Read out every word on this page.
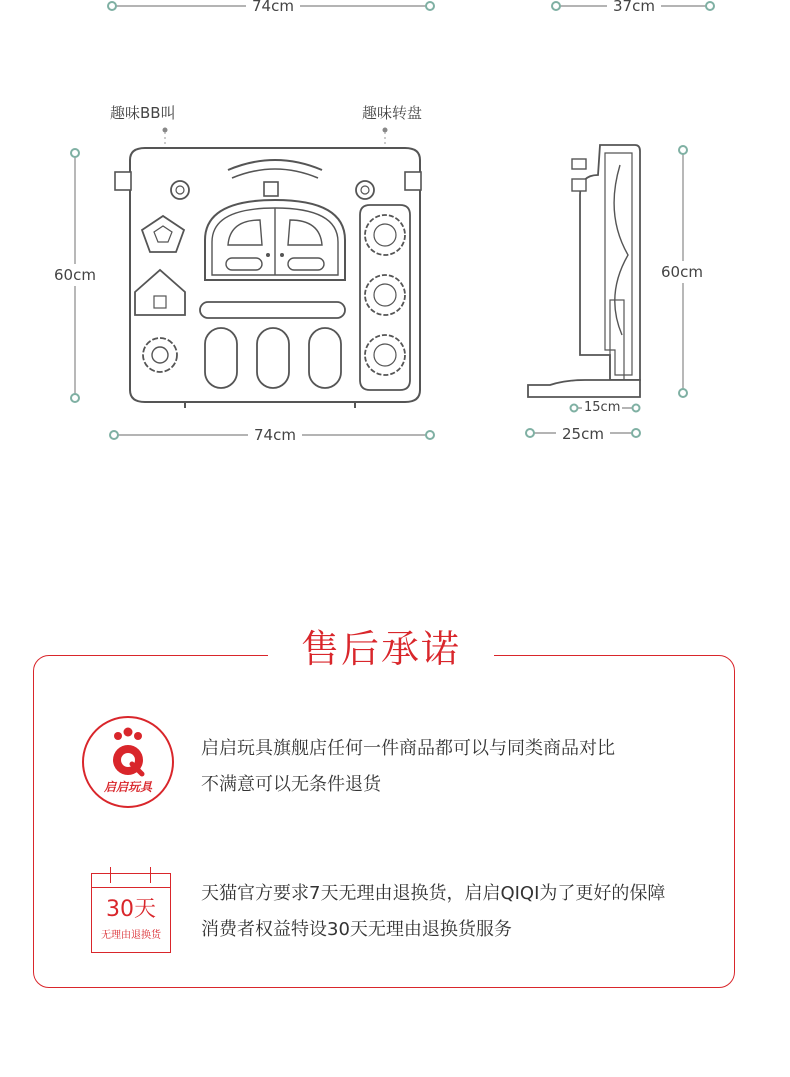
74cm	37cm
趣味BB叫	趣味转盘
60cm
74cm
60cm
15cm
25cm
售后承诺
启启玩具
启启玩具旗舰店任何一件商品都可以与同类商品对比
不满意可以无条件退货
30天
无理由退换货
天猫官方要求7天无理由退换货，启启QIQI为了更好的保障
消费者权益特设30天无理由退换货服务
